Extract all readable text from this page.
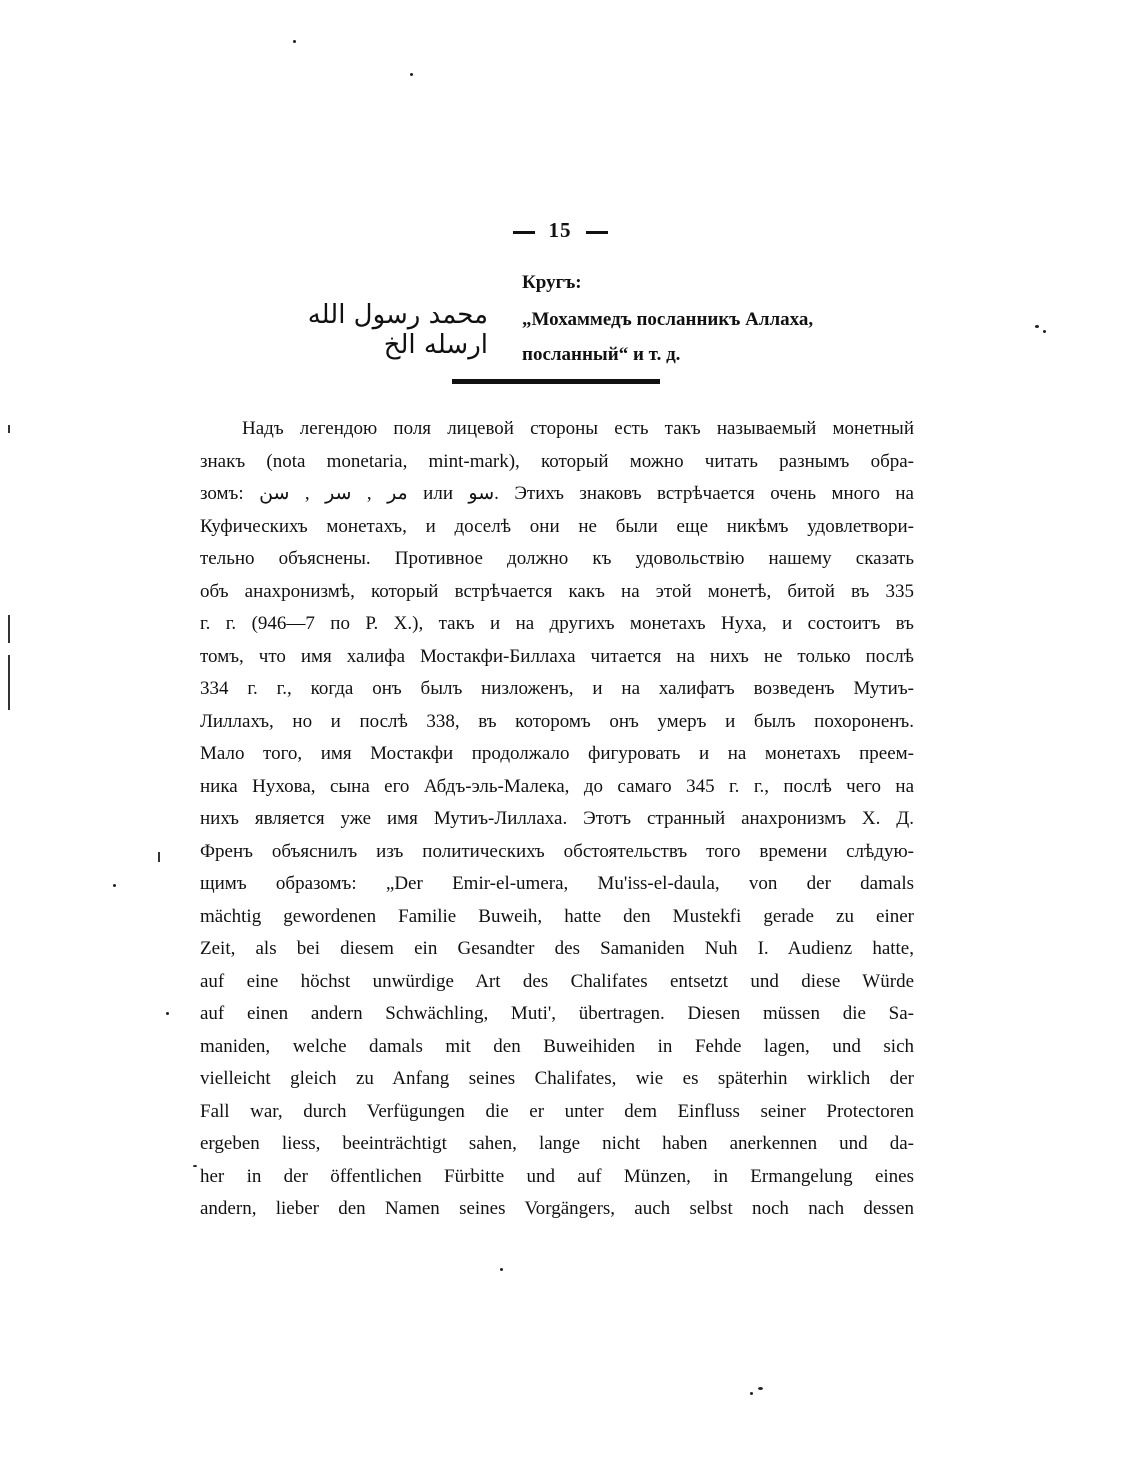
15
Кругъ:
محمد رسول الله ارسله الخ
„Мохаммедъ посланникъ Аллаха,
посланный“ и т. д.
Надъ легендою поля лицевой стороны есть такъ называемый монетный
знакъ (nota monetaria, mint-mark), который можно читать разнымъ обра-
зомъ: مر , سر , سن или سو. Этихъ знаковъ встрѣчается очень много на
Куфическихъ монетахъ, и доселѣ они не были еще никѣмъ удовлетвори-
тельно объяснены. Противное должно къ удовольствію нашему сказать
объ анахронизмѣ, который встрѣчается какъ на этой монетѣ, битой въ 335
г. г. (946—7 по Р. X.), такъ и на другихъ монетахъ Нуха, и состоитъ въ
томъ, что имя халифа Мостакфи-Биллаха читается на нихъ не только послѣ
334 г. г., когда онъ былъ низложенъ, и на халифатъ возведенъ Мутиъ-
Лиллахъ, но и послѣ 338, въ которомъ онъ умеръ и былъ похороненъ.
Мало того, имя Мостакфи продолжало фигуровать и на монетахъ преем-
ника Нухова, сына его Абдъ-эль-Малека, до самаго 345 г. г., послѣ чего на
нихъ является уже имя Мутиъ-Лиллаха. Этотъ странный анахронизмъ Х. Д.
Френъ объяснилъ изъ политическихъ обстоятельствъ того времени слѣдую-
щимъ образомъ: „Der Emir-el-umera, Mu'iss-el-daula, von der damals
mächtig gewordenen Familie Buweih, hatte den Mustekfi gerade zu einer
Zeit, als bei diesem ein Gesandter des Samaniden Nuh I. Audienz hatte,
auf eine höchst unwürdige Art des Chalifates entsetzt und diese Würde
auf einen andern Schwächling, Muti', übertragen. Diesen müssen die Sa-
maniden, welche damals mit den Buweihiden in Fehde lagen, und sich
vielleicht gleich zu Anfang seines Chalifates, wie es späterhin wirklich der
Fall war, durch Verfügungen die er unter dem Einfluss seiner Protectoren
ergeben liess, beeinträchtigt sahen, lange nicht haben anerkennen und da-
her in der öffentlichen Fürbitte und auf Münzen, in Ermangelung eines
andern, lieber den Namen seines Vorgängers, auch selbst noch nach dessen
